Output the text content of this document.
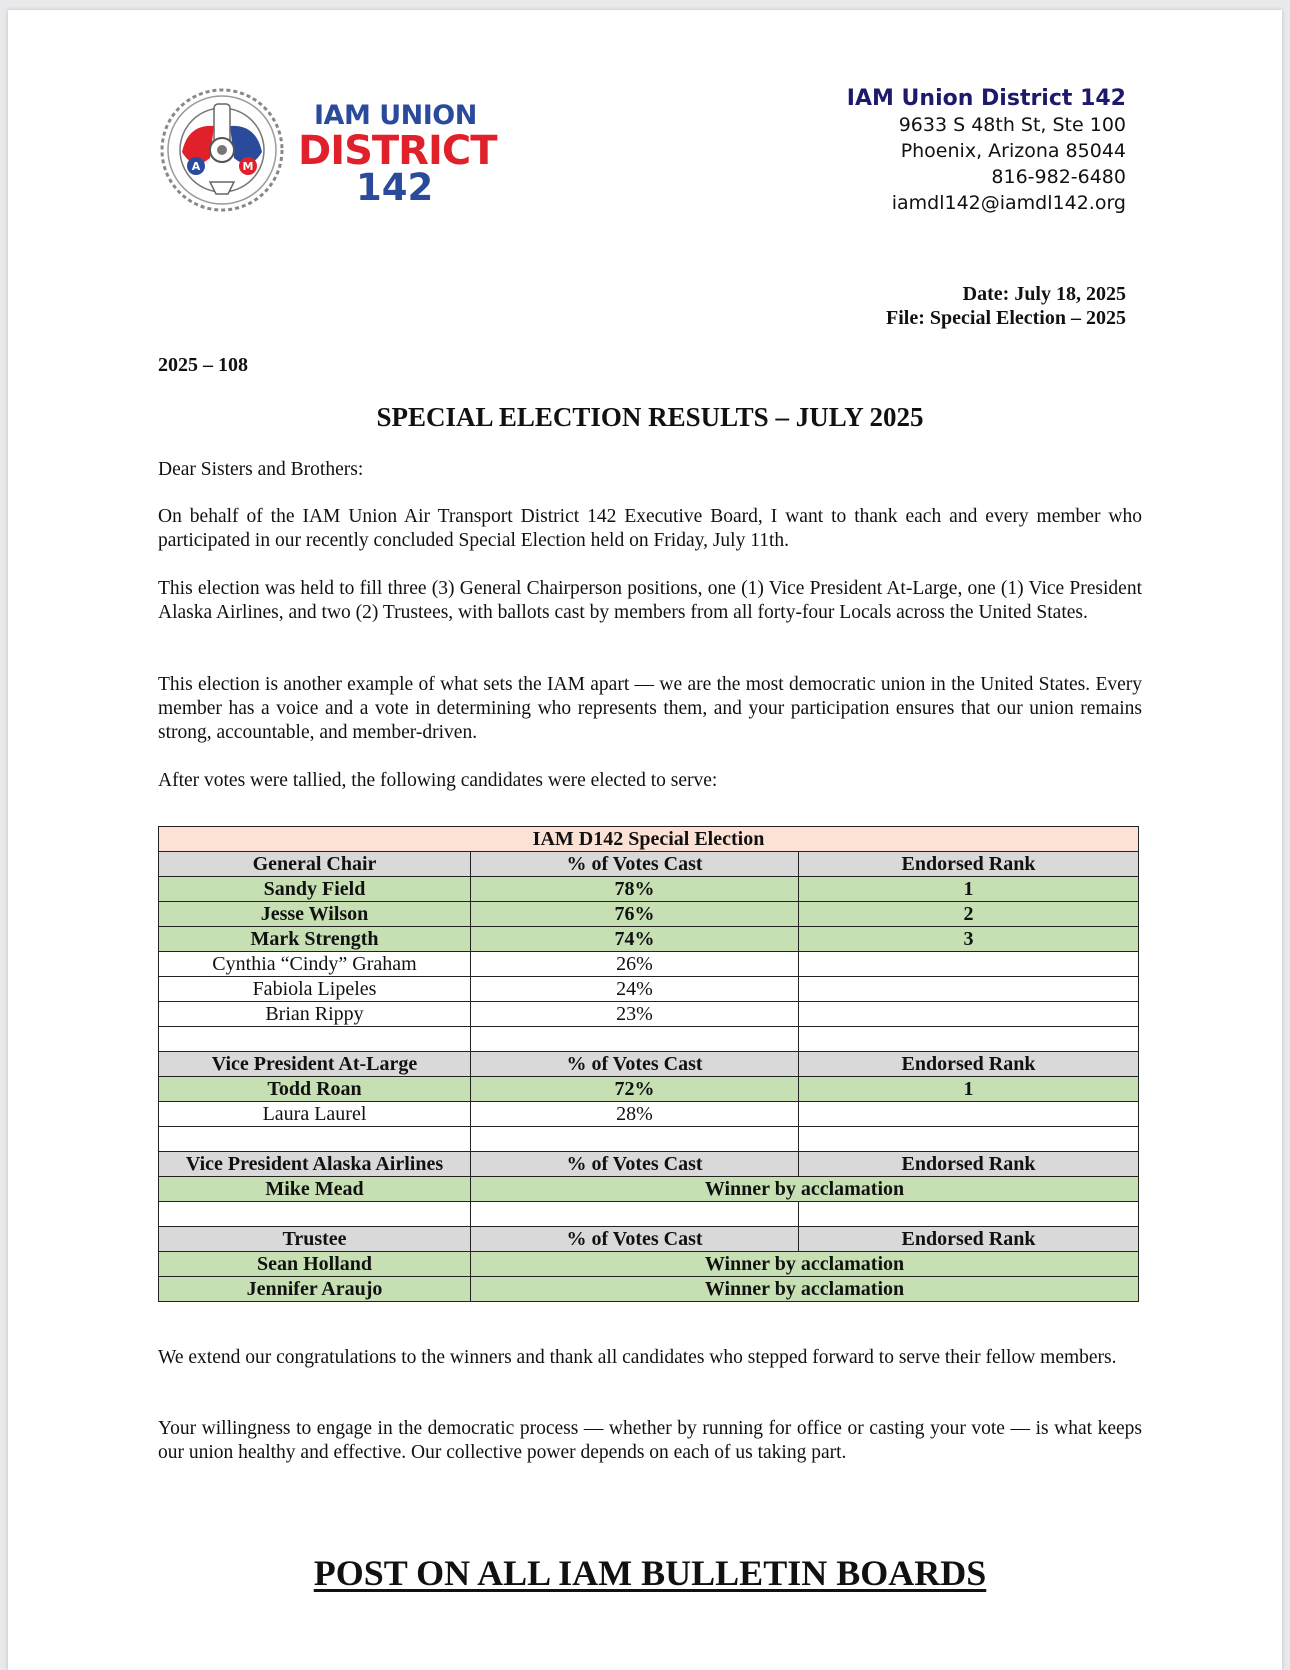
A	M
IAM UNION
DISTRICT
142
IAM Union District 142
9633 S 48th St, Ste 100
Phoenix, Arizona 85044
816-982-6480
iamdl142@iamdl142.org
Date: July 18, 2025
File: Special Election – 2025
2025 – 108
SPECIAL ELECTION RESULTS – JULY 2025

Dear Sisters and Brothers:

On behalf of the IAM Union Air Transport District 142 Executive Board, I want to thank each and every member who participated in our recently concluded Special Election held on Friday, July 11th.

This election was held to fill three (3) General Chairperson positions, one (1) Vice President At-Large, one (1) Vice President Alaska Airlines, and two (2) Trustees, with ballots cast by members from all forty-four Locals across the United States.

This election is another example of what sets the IAM apart — we are the most democratic union in the United States. Every member has a voice and a vote in determining who represents them, and your participation ensures that our union remains strong, accountable, and member-driven.

After votes were tallied, the following candidates were elected to serve:

IAM D142 Special Election		
General Chair	% of Votes Cast	Endorsed Rank
Sandy Field	78%	1
Jesse Wilson	76%	2
Mark Strength	74%	3
Cynthia “Cindy” Graham	26%	
Fabiola Lipeles	24%	
Brian Rippy	23%	

Vice President At-Large	% of Votes Cast	Endorsed Rank
Todd Roan	72%	1
Laura Laurel	28%	

Vice President Alaska Airlines	% of Votes Cast	Endorsed Rank
Mike Mead	Winner by acclamation	

Trustee	% of Votes Cast	Endorsed Rank
Sean Holland	Winner by acclamation	
Jennifer Araujo	Winner by acclamation	

We extend our congratulations to the winners and thank all candidates who stepped forward to serve their fellow members.

Your willingness to engage in the democratic process — whether by running for office or casting your vote — is what keeps our union healthy and effective. Our collective power depends on each of us taking part.

POST ON ALL IAM BULLETIN BOARDS
